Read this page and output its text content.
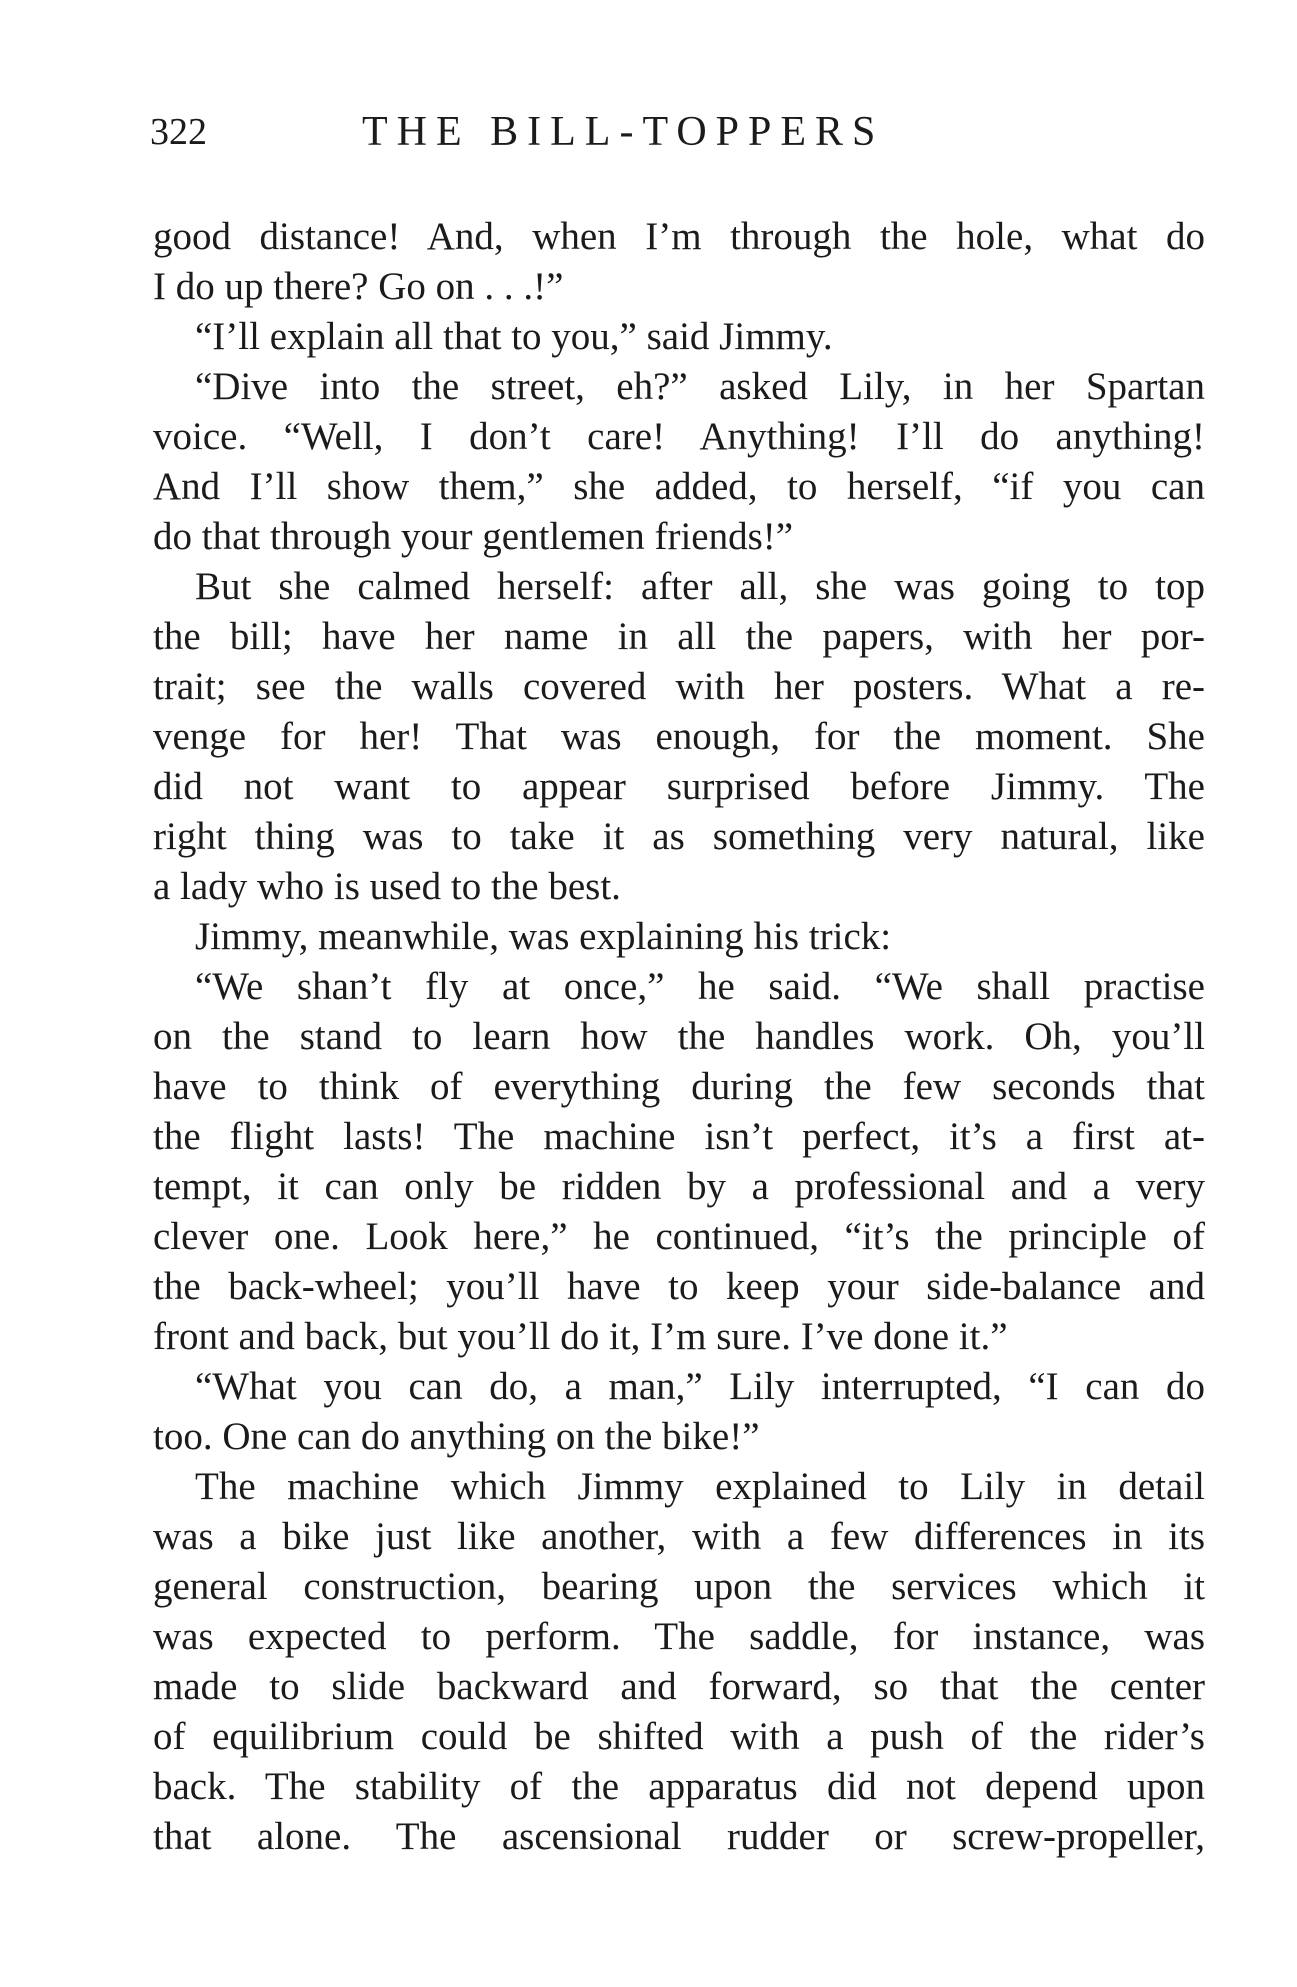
322	THE BILL-TOPPERS
good distance! And, when I’m through the hole, what do
I do up there? Go on . . .!”
“I’ll explain all that to you,” said Jimmy.
“Dive into the street, eh?” asked Lily, in her Spartan
voice. “Well, I don’t care! Anything! I’ll do anything!
And I’ll show them,” she added, to herself, “if you can
do that through your gentlemen friends!”
But she calmed herself: after all, she was going to top
the bill; have her name in all the papers, with her por-
trait; see the walls covered with her posters. What a re-
venge for her! That was enough, for the moment. She
did not want to appear surprised before Jimmy. The
right thing was to take it as something very natural, like
a lady who is used to the best.
Jimmy, meanwhile, was explaining his trick:
“We shan’t fly at once,” he said. “We shall practise
on the stand to learn how the handles work. Oh, you’ll
have to think of everything during the few seconds that
the flight lasts! The machine isn’t perfect, it’s a first at-
tempt, it can only be ridden by a professional and a very
clever one. Look here,” he continued, “it’s the principle of
the back-wheel; you’ll have to keep your side-balance and
front and back, but you’ll do it, I’m sure. I’ve done it.”
“What you can do, a man,” Lily interrupted, “I can do
too. One can do anything on the bike!”
The machine which Jimmy explained to Lily in detail
was a bike just like another, with a few differences in its
general construction, bearing upon the services which it
was expected to perform. The saddle, for instance, was
made to slide backward and forward, so that the center
of equilibrium could be shifted with a push of the rider’s
back. The stability of the apparatus did not depend upon
that alone. The ascensional rudder or screw-propeller,
